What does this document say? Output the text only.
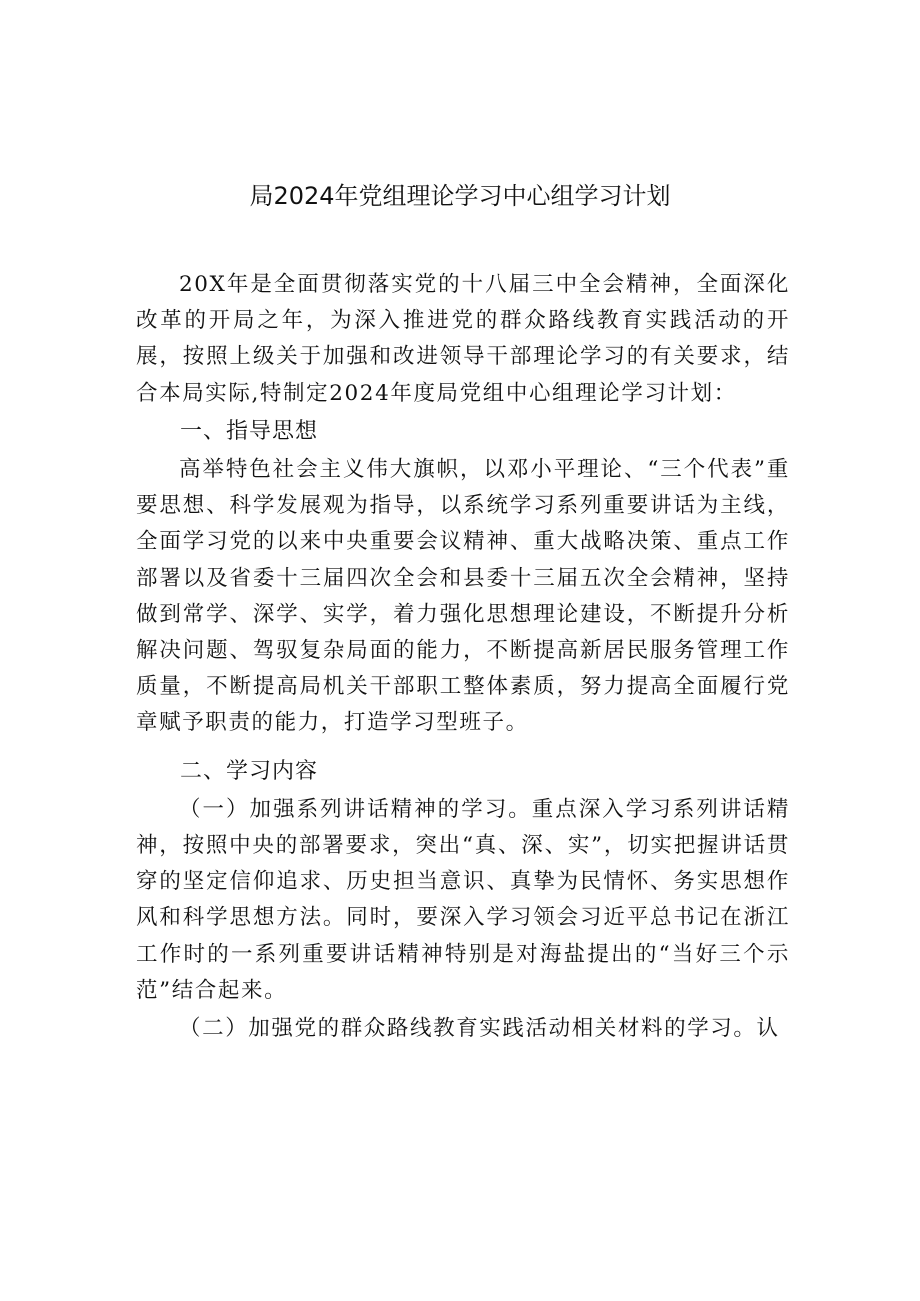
局2024年党组理论学习中心组学习计划

20X年是全面贯彻落实党的十八届三中全会精神，全面深化改革的开局之年，为深入推进党的群众路线教育实践活动的开展，按照上级关于加强和改进领导干部理论学习的有关要求，结合本局实际,特制定2024年度局党组中心组理论学习计划：

一、指导思想

高举特色社会主义伟大旗帜，以邓小平理论、“三个代表”重要思想、科学发展观为指导，以系统学习系列重要讲话为主线，全面学习党的以来中央重要会议精神、重大战略决策、重点工作部署以及省委十三届四次全会和县委十三届五次全会精神，坚持做到常学、深学、实学，着力强化思想理论建设，不断提升分析解决问题、驾驭复杂局面的能力，不断提高新居民服务管理工作质量，不断提高局机关干部职工整体素质，努力提高全面履行党章赋予职责的能力，打造学习型班子。

二、学习内容

（一）加强系列讲话精神的学习。重点深入学习系列讲话精神，按照中央的部署要求，突出“真、深、实”，切实把握讲话贯穿的坚定信仰追求、历史担当意识、真挚为民情怀、务实思想作风和科学思想方法。同时，要深入学习领会习近平总书记在浙江工作时的一系列重要讲话精神特别是对海盐提出的“当好三个示范”结合起来。

（二）加强党的群众路线教育实践活动相关材料的学习。认
